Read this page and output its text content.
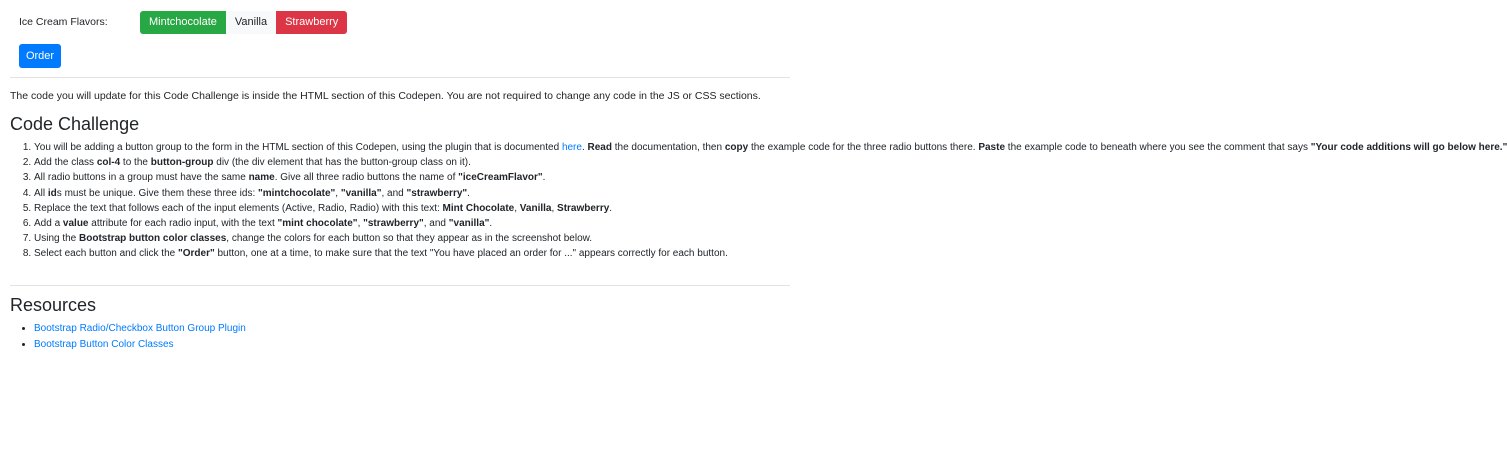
Ice Cream Flavors:	Mintchocolate	Vanilla	Strawberry
Order
The code you will update for this Code Challenge is inside the HTML section of this Codepen. You are not required to change any code in the JS or CSS sections.
Code Challenge
1. You will be adding a button group to the form in the HTML section of this Codepen, using the plugin that is documented here. Read the documentation, then copy the example code for the three radio buttons there. Paste the example code to beneath where you see the comment that says "Your code additions will go below here."
2. Add the class col-4 to the button-group div (the div element that has the button-group class on it).
3. All radio buttons in a group must have the same name. Give all three radio buttons the name of "iceCreamFlavor".
4. All ids must be unique. Give them these three ids: "mintchocolate", "vanilla", and "strawberry".
5. Replace the text that follows each of the input elements (Active, Radio, Radio) with this text: Mint Chocolate, Vanilla, Strawberry.
6. Add a value attribute for each radio input, with the text "mint chocolate", "strawberry", and "vanilla".
7. Using the Bootstrap button color classes, change the colors for each button so that they appear as in the screenshot below.
8. Select each button and click the "Order" button, one at a time, to make sure that the text "You have placed an order for ..." appears correctly for each button.
Resources
• Bootstrap Radio/Checkbox Button Group Plugin
• Bootstrap Button Color Classes
